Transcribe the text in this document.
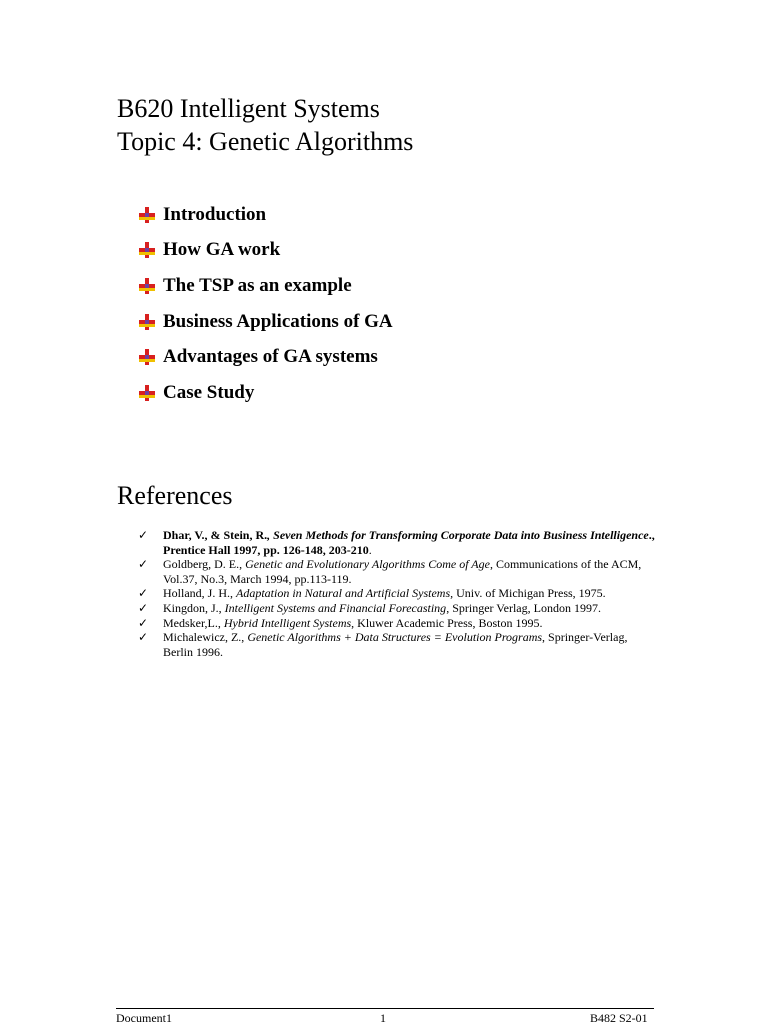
B620 Intelligent Systems
Topic 4: Genetic Algorithms
Introduction
How GA work
The TSP as an example
Business Applications of GA
Advantages of GA systems
Case Study
References
✓	Dhar, V., & Stein, R., Seven Methods for Transforming Corporate Data into Business Intelligence., Prentice Hall 1997, pp. 126-148, 203-210.
✓	Goldberg, D. E., Genetic and Evolutionary Algorithms Come of Age, Communications of the ACM, Vol.37, No.3, March 1994, pp.113-119.
✓	Holland, J. H., Adaptation in Natural and Artificial Systems, Univ. of Michigan Press, 1975.
✓	Kingdon, J., Intelligent Systems and Financial Forecasting, Springer Verlag, London 1997.
✓	Medsker,L., Hybrid Intelligent Systems, Kluwer Academic Press, Boston 1995.
✓	Michalewicz, Z., Genetic Algorithms + Data Structures = Evolution Programs, Springer-Verlag, Berlin 1996.
Document1	1	B482 S2-01
